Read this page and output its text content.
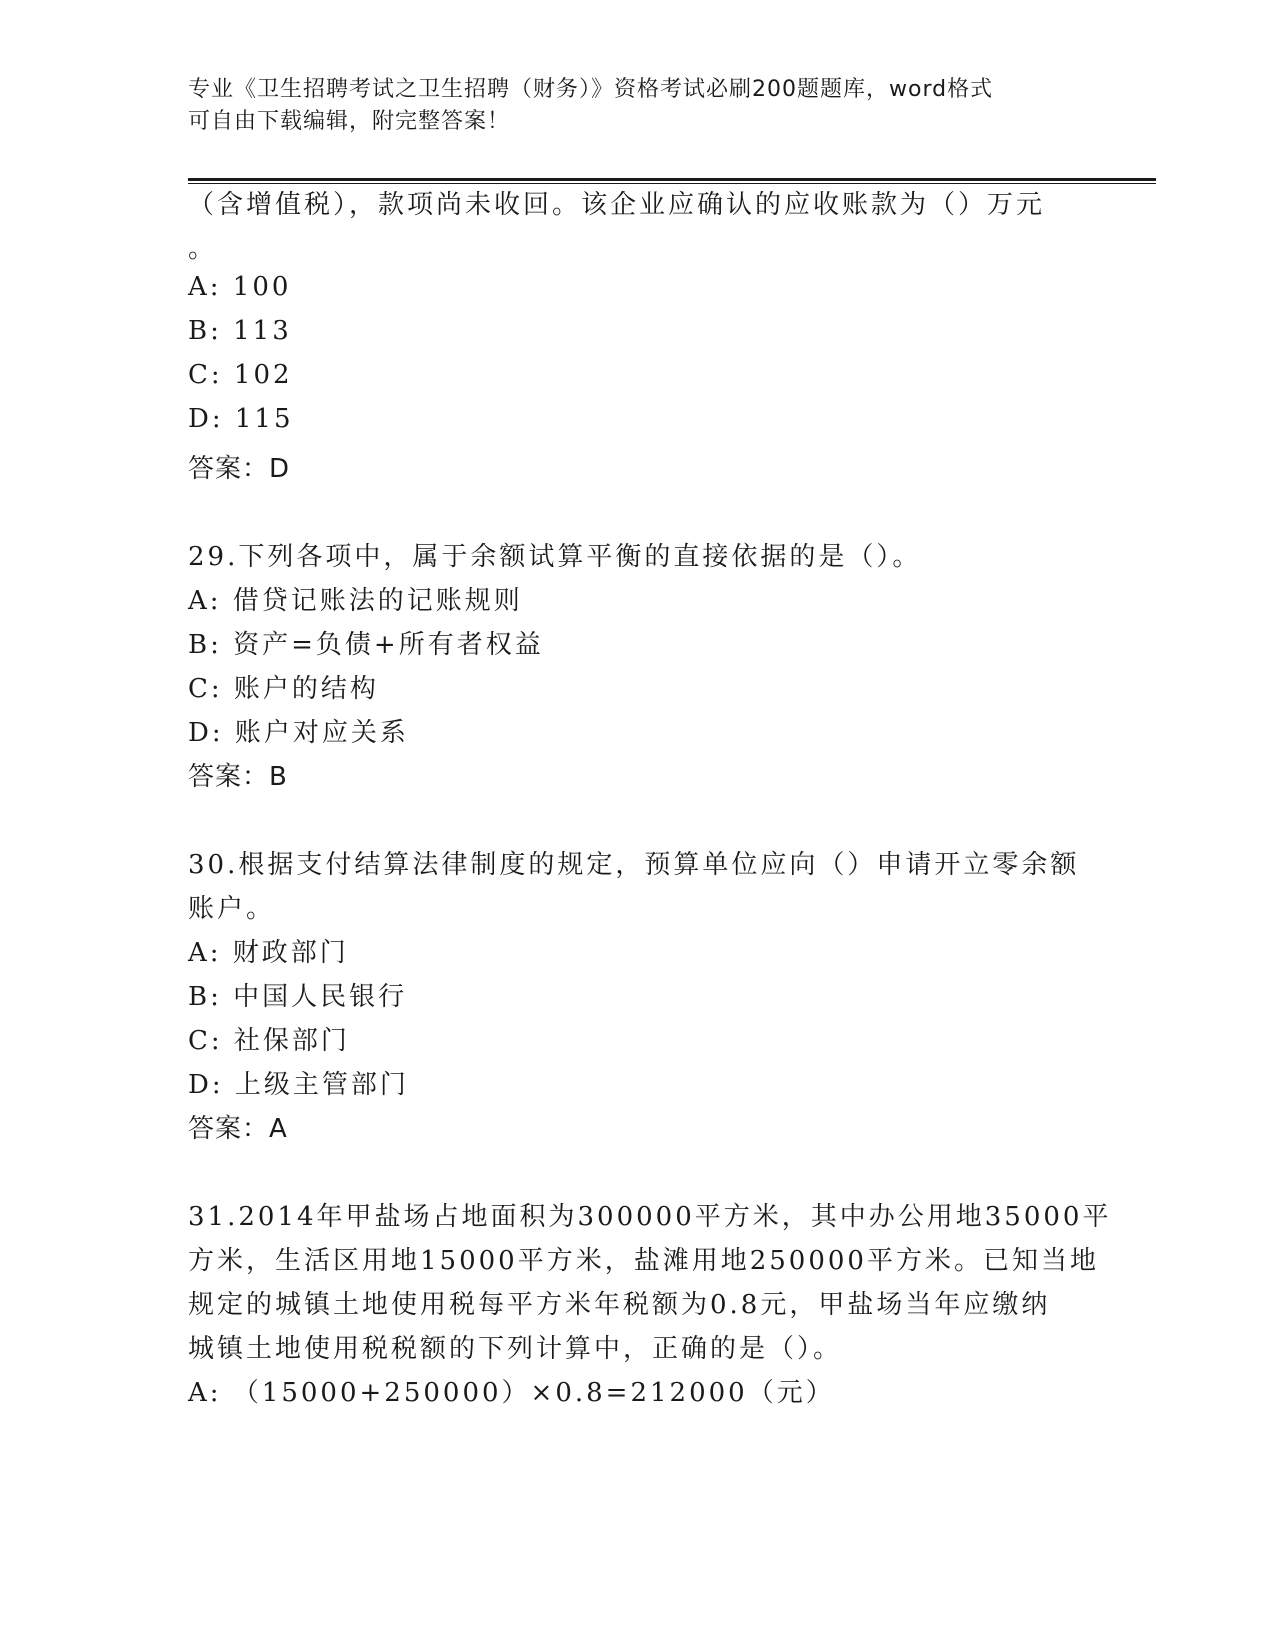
专业《卫生招聘考试之卫生招聘（财务）》资格考试必刷200题题库，word格式
可自由下载编辑，附完整答案！
（含增值税），款项尚未收回。该企业应确认的应收账款为（）万元
。
A: 100
B: 113
C: 102
D: 115
答案：D
29.下列各项中，属于余额试算平衡的直接依据的是（）。
A: 借贷记账法的记账规则
B: 资产=负债+所有者权益
C: 账户的结构
D: 账户对应关系
答案：B
30.根据支付结算法律制度的规定，预算单位应向（）申请开立零余额
账户。
A: 财政部门
B: 中国人民银行
C: 社保部门
D: 上级主管部门
答案：A
31.2014年甲盐场占地面积为300000平方米，其中办公用地35000平
方米，生活区用地15000平方米，盐滩用地250000平方米。已知当地
规定的城镇土地使用税每平方米年税额为0.8元，甲盐场当年应缴纳
城镇土地使用税税额的下列计算中，正确的是（）。
A: （15000+250000）×0.8=212000（元）
